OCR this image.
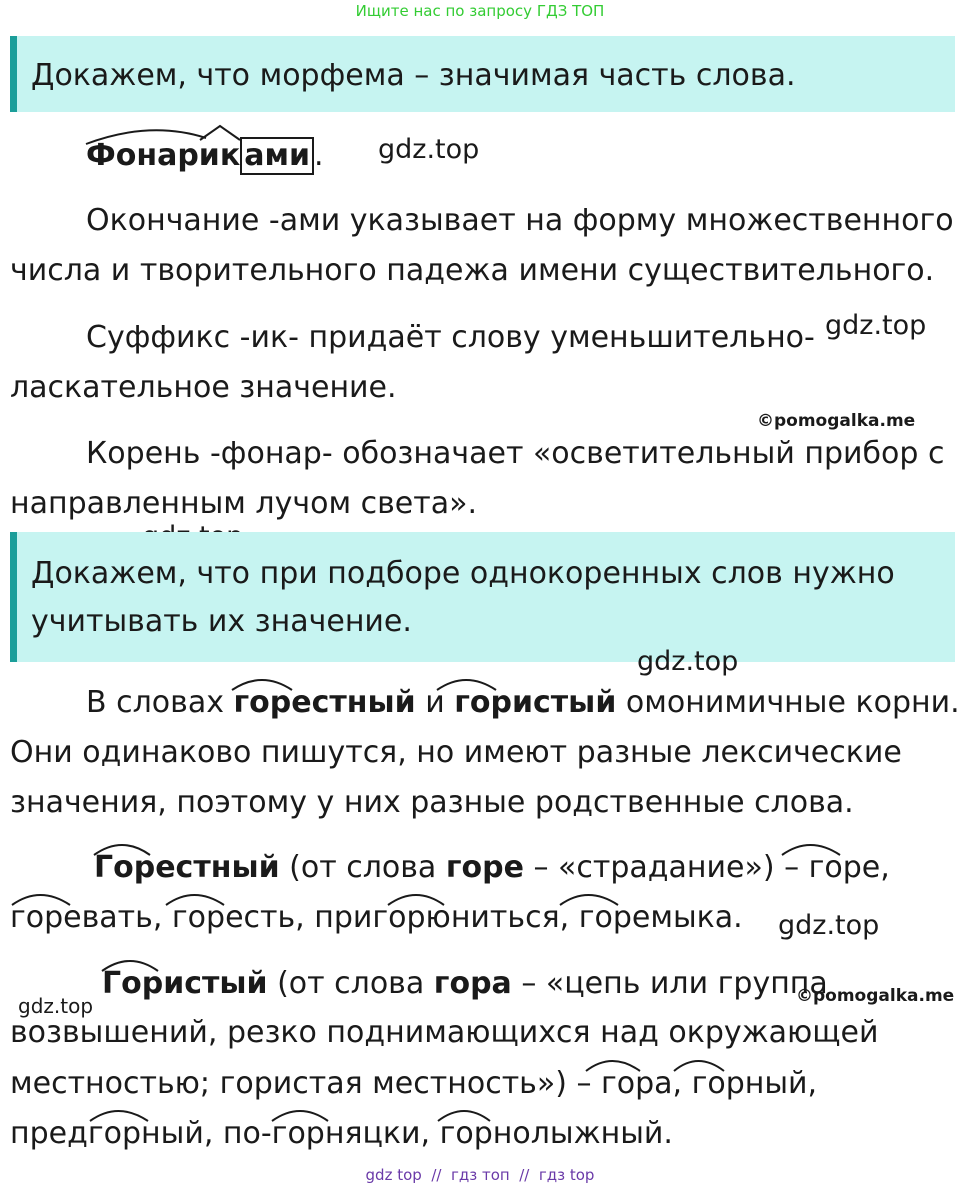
Ищите нас по запросу ГДЗ ТОП
Докажем, что морфема – значимая часть слова.
Фонарик ами . gdz.top
Окончание -ами указывает на форму множественного
числа и творительного падежа имени существительного.
Суффикс -ик- придаёт слову уменьшительно- gdz.top
ласкательное значение.
©pomogalka.me
Корень -фонар- обозначает «осветительный прибор с
направленным лучом света».
Докажем, что при подборе однокоренных слов нужно
учитывать их значение.
gdz.top
В словах горестный и гористый омонимичные корни.
Они одинаково пишутся, но имеют разные лексические
значения, поэтому у них разные родственные слова.
Горестный (от слова горе – «страдание») – горе,
горевать, горесть, пригорюниться, горемыка. gdz.top
Гористый (от слова гора – «цепь или группа
©pomogalka.me
gdz.top
возвышений, резко поднимающихся над окружающей
местностью; гористая местность») – гора, горный,
предгорный, по-горняцки, горнолыжный.
gdz top  //  гдз топ  //  гдз top
